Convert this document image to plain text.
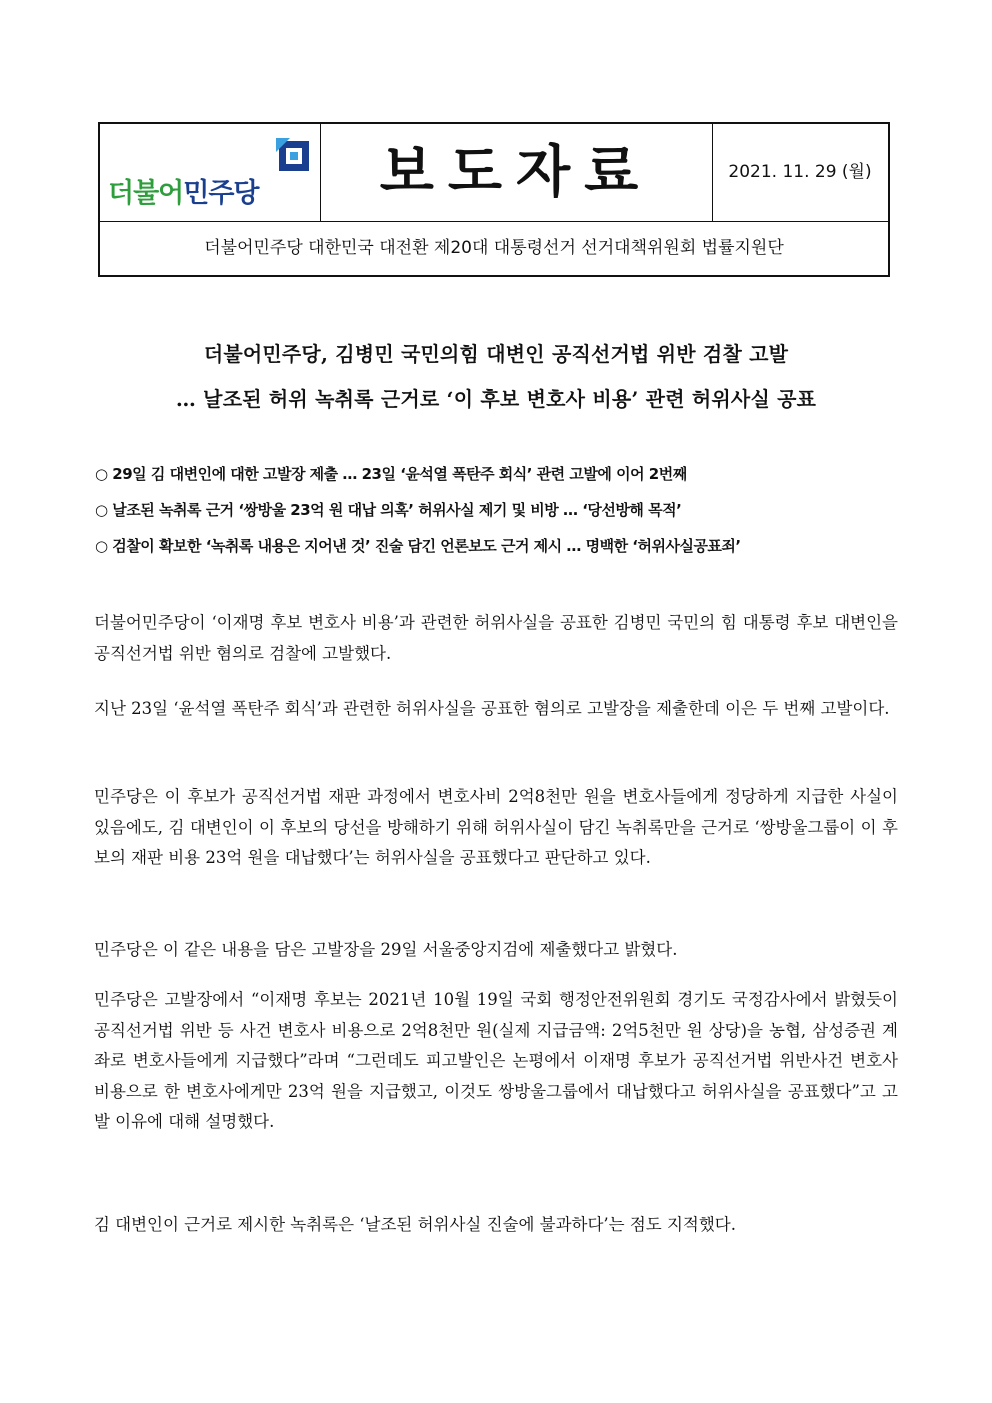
더불어민주당	보도자료	2021. 11. 29 (월)
더불어민주당 대한민국 대전환 제20대 대통령선거 선거대책위원회 법률지원단
더불어민주당, 김병민 국민의힘 대변인 공직선거법 위반 검찰 고발
… 날조된 허위 녹취록 근거로 ‘이 후보 변호사 비용’ 관련 허위사실 공표
○ 29일 김 대변인에 대한 고발장 제출 … 23일 ‘윤석열 폭탄주 회식’ 관련 고발에 이어 2번째
○ 날조된 녹취록 근거 ‘쌍방울 23억 원 대납 의혹’ 허위사실 제기 및 비방 … ‘당선방해 목적’
○ 검찰이 확보한 ‘녹취록 내용은 지어낸 것’ 진술 담긴 언론보도 근거 제시 … 명백한 ‘허위사실공표죄’

더불어민주당이 ‘이재명 후보 변호사 비용’과 관련한 허위사실을 공표한 김병민 국민의 힘 대통령 후보 대변인을 공직선거법 위반 혐의로 검찰에 고발했다.

지난 23일 ‘윤석열 폭탄주 회식’과 관련한 허위사실을 공표한 혐의로 고발장을 제출한데 이은 두 번째 고발이다.

민주당은 이 후보가 공직선거법 재판 과정에서 변호사비 2억8천만 원을 변호사들에게 정당하게 지급한 사실이 있음에도, 김 대변인이 이 후보의 당선을 방해하기 위해 허위사실이 담긴 녹취록만을 근거로 ‘쌍방울그룹이 이 후보의 재판 비용 23억 원을 대납했다’는 허위사실을 공표했다고 판단하고 있다.

민주당은 이 같은 내용을 담은 고발장을 29일 서울중앙지검에 제출했다고 밝혔다.

민주당은 고발장에서 “이재명 후보는 2021년 10월 19일 국회 행정안전위원회 경기도 국정감사에서 밝혔듯이 공직선거법 위반 등 사건 변호사 비용으로 2억8천만 원(실제 지급금액: 2억5천만 원 상당)을 농협, 삼성증권 계좌로 변호사들에게 지급했다”라며 “그런데도 피고발인은 논평에서 이재명 후보가 공직선거법 위반사건 변호사 비용으로 한 변호사에게만 23억 원을 지급했고, 이것도 쌍방울그룹에서 대납했다고 허위사실을 공표했다”고 고발 이유에 대해 설명했다.

김 대변인이 근거로 제시한 녹취록은 ‘날조된 허위사실 진술에 불과하다’는 점도 지적했다.
